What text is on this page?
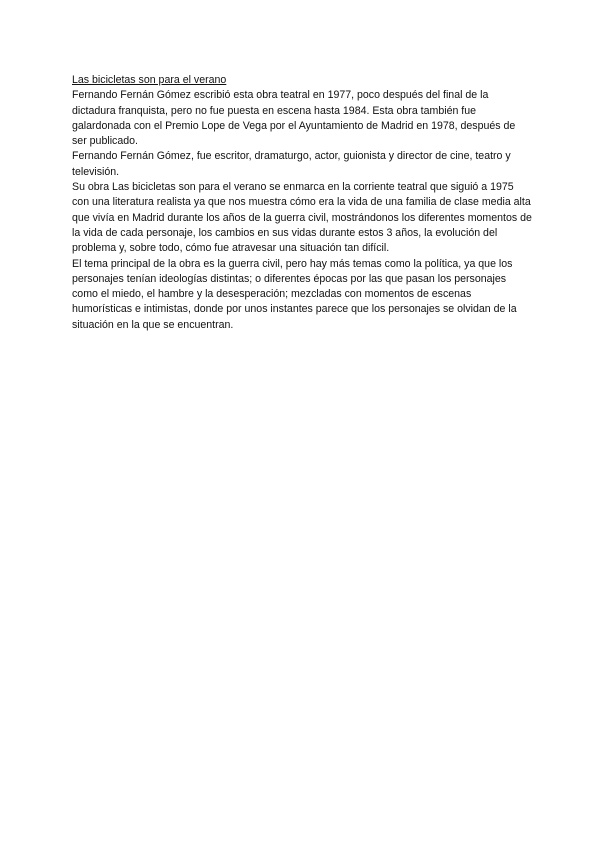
Las bicicletas son para el verano

Fernando Fernán Gómez escribió esta obra teatral en 1977, poco después del final de la dictadura franquista, pero no fue puesta en escena hasta 1984. Esta obra también fue galardonada con el Premio Lope de Vega por el Ayuntamiento de Madrid en 1978, después de ser publicado.

Fernando Fernán Gómez, fue escritor, dramaturgo, actor, guionista y director de cine, teatro y televisión.

Su obra Las bicicletas son para el verano se enmarca en la corriente teatral que siguió a 1975 con una literatura realista ya que nos muestra cómo era la vida de una familia de clase media alta que vivía en Madrid durante los años de la guerra civil, mostrándonos los diferentes momentos de la vida de cada personaje, los cambios en sus vidas durante estos 3 años, la evolución del problema y, sobre todo, cómo fue atravesar una situación tan difícil.

El tema principal de la obra es la guerra civil, pero hay más temas como la política, ya que los personajes tenían ideologías distintas; o diferentes épocas por las que pasan los personajes como el miedo, el hambre y la desesperación; mezcladas con momentos de escenas humorísticas e intimistas, donde por unos instantes parece que los personajes se olvidan de la situación en la que se encuentran.
